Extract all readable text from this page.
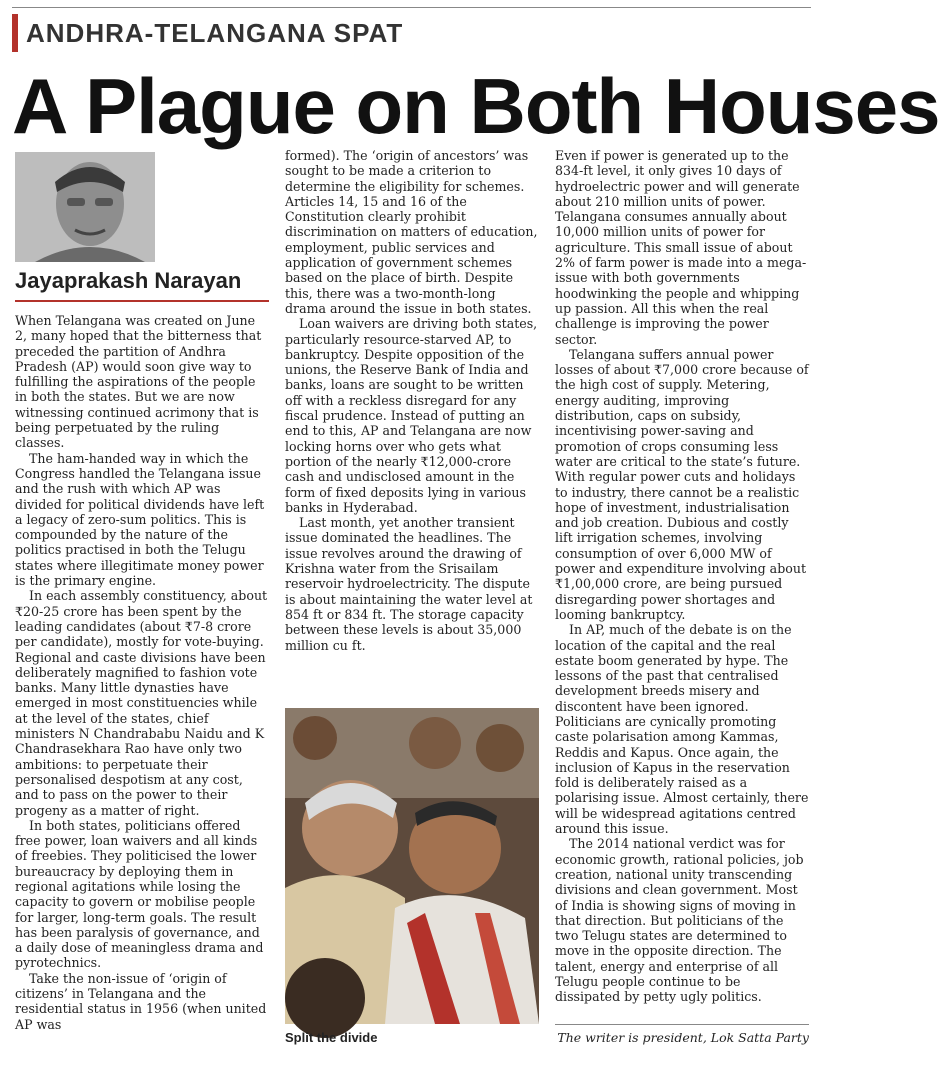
ANDHRA-TELANGANA SPAT
A Plague on Both Houses
Jayaprakash Narayan

When Telangana was created on June 2, many hoped that the bitterness that preceded the partition of Andhra Pradesh (AP) would soon give way to fulfilling the aspirations of the people in both the states. But we are now witnessing continued acrimony that is being perpetuated by the ruling classes.

The ham-handed way in which the Congress handled the Telangana issue and the rush with which AP was divided for political dividends have left a legacy of zero-sum politics. This is compounded by the nature of the politics practised in both the Telugu states where illegitimate money power is the primary engine.

In each assembly constituency, about ₹20-25 crore has been spent by the leading candidates (about ₹7-8 crore per candidate), mostly for vote-buying. Regional and caste divisions have been deliberately magnified to fashion vote banks. Many little dynasties have emerged in most constituencies while at the level of the states, chief ministers N Chandrababu Naidu and K Chandrasekhara Rao have only two ambitions: to perpetuate their personalised despotism at any cost, and to pass on the power to their progeny as a matter of right.

In both states, politicians offered free power, loan waivers and all kinds of freebies. They politicised the lower bureaucracy by deploying them in regional agitations while losing the capacity to govern or mobilise people for larger, long-term goals. The result has been paralysis of governance, and a daily dose of meaningless drama and pyrotechnics.

Take the non-issue of ‘origin of citizens’ in Telangana and the residential status in 1956 (when united AP was

formed). The ‘origin of ancestors’ was sought to be made a criterion to determine the eligibility for schemes. Articles 14, 15 and 16 of the Constitution clearly prohibit discrimination on matters of education, employment, public services and application of government schemes based on the place of birth. Despite this, there was a two-month-long drama around the issue in both states.

Loan waivers are driving both states, particularly resource-starved AP, to bankruptcy. Despite opposition of the unions, the Reserve Bank of India and banks, loans are sought to be written off with a reckless disregard for any fiscal prudence. Instead of putting an end to this, AP and Telangana are now locking horns over who gets what portion of the nearly ₹12,000-crore cash and undisclosed amount in the form of fixed deposits lying in various banks in Hyderabad.

Last month, yet another transient issue dominated the headlines. The issue revolves around the drawing of Krishna water from the Srisailam reservoir hydroelectricity. The dispute is about maintaining the water level at 854 ft or 834 ft. The storage capacity between these levels is about 35,000 million cu ft.

Even if power is generated up to the 834-ft level, it only gives 10 days of hydroelectric power and will generate about 210 million units of power. Telangana consumes annually about 10,000 million units of power for agriculture. This small issue of about 2% of farm power is made into a mega-issue with both governments hoodwinking the people and whipping up passion. All this when the real challenge is improving the power sector.

Telangana suffers annual power losses of about ₹7,000 crore because of the high cost of supply. Metering, energy auditing, improving distribution, caps on subsidy, incentivising power-saving and promotion of crops consuming less water are critical to the state’s future. With regular power cuts and holidays to industry, there cannot be a realistic hope of investment, industrialisation and job creation. Dubious and costly lift irrigation schemes, involving consumption of over 6,000 MW of power and expenditure involving about ₹1,00,000 crore, are being pursued disregarding power shortages and looming bankruptcy.

In AP, much of the debate is on the location of the capital and the real estate boom generated by hype. The lessons of the past that centralised development breeds misery and discontent have been ignored. Politicians are cynically promoting caste polarisation among Kammas, Reddis and Kapus. Once again, the inclusion of Kapus in the reservation fold is deliberately raised as a polarising issue. Almost certainly, there will be widespread agitations centred around this issue.

The 2014 national verdict was for economic growth, rational policies, job creation, national unity transcending divisions and clean government. Most of India is showing signs of moving in that direction. But politicians of the two Telugu states are determined to move in the opposite direction. The talent, energy and enterprise of all Telugu people continue to be dissipated by petty ugly politics.

Split the divide	The writer is president, Lok Satta Party
